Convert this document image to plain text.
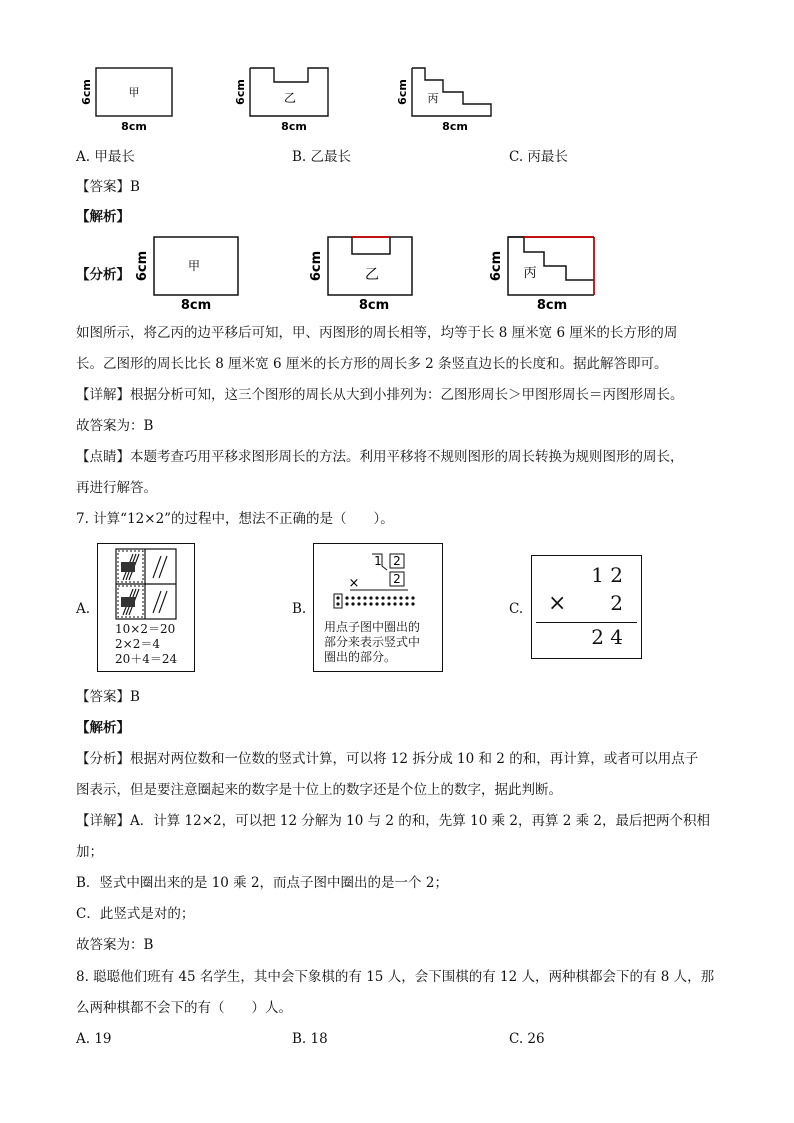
6cm	甲
8cm
6cm	乙
8cm
6cm 丙
8cm
A. 甲最长	B. 乙最长	C. 丙最长
【答案】B
【解析】
【分析】 6cm	甲
8cm
6cm	乙
8cm
6cm 丙
8cm
如图所示，将乙丙的边平移后可知，甲、丙图形的周长相等，均等于长 8 厘米宽 6 厘米的长方形的周
长。乙图形的周长比长 8 厘米宽 6 厘米的长方形的周长多 2 条竖直边长的长度和。据此解答即可。
【详解】根据分析可知，这三个图形的周长从大到小排列为：乙图形周长＞甲图形周长＝丙图形周长。
故答案为：B
【点睛】本题考查巧用平移求图形周长的方法。利用平移将不规则图形的周长转换为规则图形的周长，
再进行解答。
7. 计算“12×2”的过程中，想法不正确的是（　　）。
A.
10×2＝20
2×2＝4
20＋4＝24
B.
1 2
×	2
用点子图中圈出的
部分来表示竖式中
圈出的部分。
C.
1 2
× 2
2 4
【答案】B
【解析】
【分析】根据对两位数和一位数的竖式计算，可以将 12 拆分成 10 和 2 的和，再计算，或者可以用点子
图表示，但是要注意圈起来的数字是十位上的数字还是个位上的数字，据此判断。
【详解】A．计算 12×2，可以把 12 分解为 10 与 2 的和，先算 10 乘 2，再算 2 乘 2，最后把两个积相
加；
B．竖式中圈出来的是 10 乘 2，而点子图中圈出的是一个 2；
C．此竖式是对的；
故答案为：B
8. 聪聪他们班有 45 名学生，其中会下象棋的有 15 人，会下围棋的有 12 人，两种棋都会下的有 8 人，那
么两种棋都不会下的有（　　）人。
A. 19	B. 18	C. 26
